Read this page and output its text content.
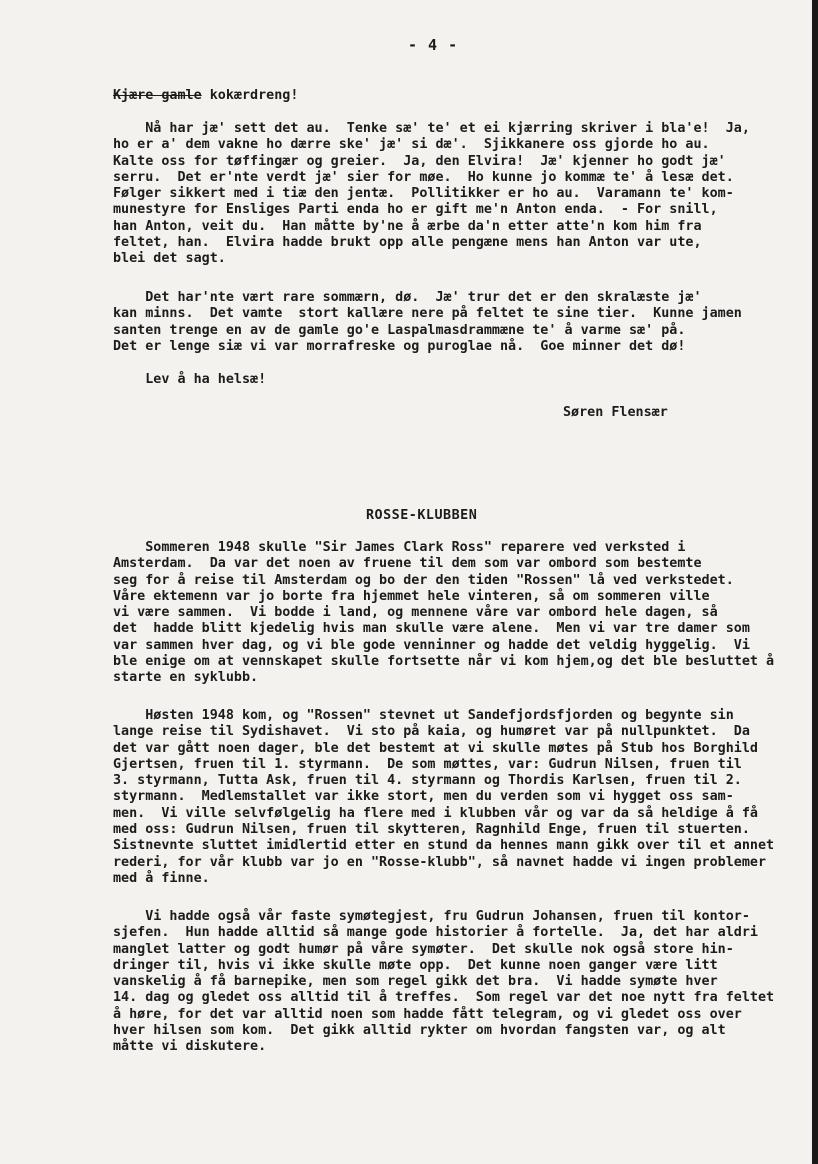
- 4 -

Kjære gamle kokærdreng!

Nå har jæ' sett det au.  Tenke sæ' te' et ei kjærring skriver i bla'e!  Ja,

ho er a' dem vakne ho dærre ske' jæ' si dæ'.  Sjikkanere oss gjorde ho au.

Kalte oss for tøffingær og greier.  Ja, den Elvira!  Jæ' kjenner ho godt jæ'

serru.  Det er'nte verdt jæ' sier for møe.  Ho kunne jo kommæ te' å lesæ det.

Følger sikkert med i tiæ den jentæ.  Pollitikker er ho au.  Varamann te' kom-

munestyre for Ensliges Parti enda ho er gift me'n Anton enda.  - For snill,

han Anton, veit du.  Han måtte by'ne å ærbe da'n etter atte'n kom him fra

feltet, han.  Elvira hadde brukt opp alle pengæne mens han Anton var ute,

blei det sagt.

Det har'nte vært rare sommærn, dø.  Jæ' trur det er den skralæste jæ'

kan minns.  Det vamte  stort kallære nere på feltet te sine tier.  Kunne jamen

santen trenge en av de gamle go'e Laspalmasdrammæne te' å varme sæ' på.

Det er lenge siæ vi var morrafreske og puroglae nå.  Goe minner det dø!

Lev å ha helsæ!

Søren Flensær
ROSSE-KLUBBEN

Sommeren 1948 skulle "Sir James Clark Ross" reparere ved verksted i

Amsterdam.  Da var det noen av fruene til dem som var ombord som bestemte

seg for å reise til Amsterdam og bo der den tiden "Rossen" lå ved verkstedet.

Våre ektemenn var jo borte fra hjemmet hele vinteren, så om sommeren ville

vi være sammen.  Vi bodde i land, og mennene våre var ombord hele dagen, så

det  hadde blitt kjedelig hvis man skulle være alene.  Men vi var tre damer som

var sammen hver dag, og vi ble gode venninner og hadde det veldig hyggelig.  Vi

ble enige om at vennskapet skulle fortsette når vi kom hjem,og det ble besluttet å

starte en syklubb.

Høsten 1948 kom, og "Rossen" stevnet ut Sandefjordsfjorden og begynte sin

lange reise til Sydishavet.  Vi sto på kaia, og humøret var på nullpunktet.  Da

det var gått noen dager, ble det bestemt at vi skulle møtes på Stub hos Borghild

Gjertsen, fruen til 1. styrmann.  De som møttes, var: Gudrun Nilsen, fruen til

3. styrmann, Tutta Ask, fruen til 4. styrmann og Thordis Karlsen, fruen til 2.

styrmann.  Medlemstallet var ikke stort, men du verden som vi hygget oss sam-

men.  Vi ville selvfølgelig ha flere med i klubben vår og var da så heldige å få

med oss: Gudrun Nilsen, fruen til skytteren, Ragnhild Enge, fruen til stuerten.

Sistnevnte sluttet imidlertid etter en stund da hennes mann gikk over til et annet

rederi, for vår klubb var jo en "Rosse-klubb", så navnet hadde vi ingen problemer

med å finne.

Vi hadde også vår faste symøtegjest, fru Gudrun Johansen, fruen til kontor-

sjefen.  Hun hadde alltid så mange gode historier å fortelle.  Ja, det har aldri

manglet latter og godt humør på våre symøter.  Det skulle nok også store hin-

dringer til, hvis vi ikke skulle møte opp.  Det kunne noen ganger være litt

vanskelig å få barnepike, men som regel gikk det bra.  Vi hadde symøte hver

14. dag og gledet oss alltid til å treffes.  Som regel var det noe nytt fra feltet

å høre, for det var alltid noen som hadde fått telegram, og vi gledet oss over

hver hilsen som kom.  Det gikk alltid rykter om hvordan fangsten var, og alt

måtte vi diskutere.
